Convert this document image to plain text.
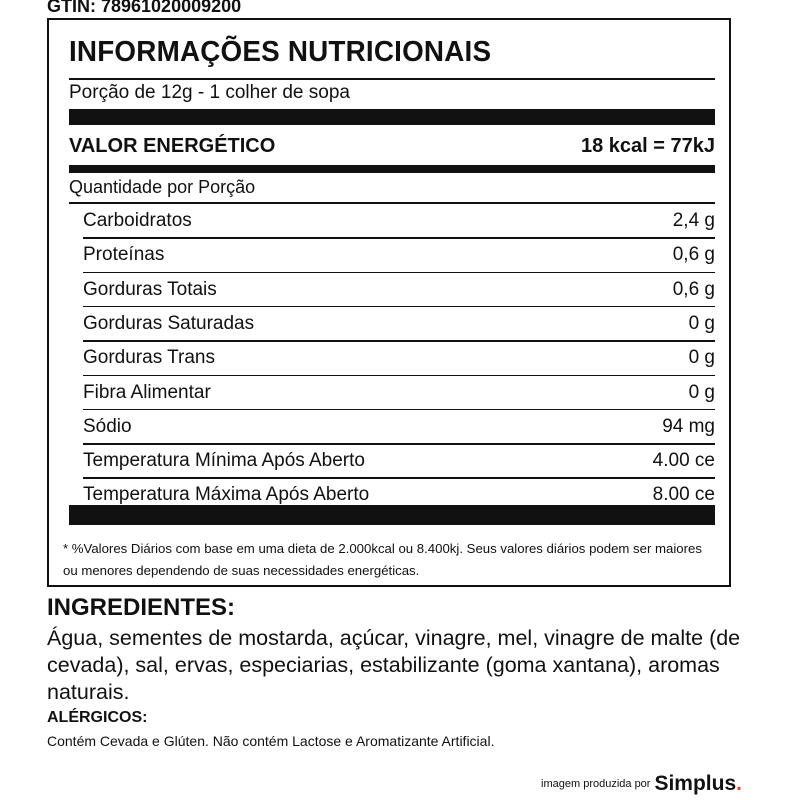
GTIN: 78961020009200
INFORMAÇÕES NUTRICIONAIS
Porção de 12g - 1 colher de sopa
VALOR ENERGÉTICO	18 kcal = 77kJ
Quantidade por Porção
Carboidratos	2,4 g
Proteínas	0,6 g
Gorduras Totais	0,6 g
Gorduras Saturadas	0 g
Gorduras Trans	0 g
Fibra Alimentar	0 g
Sódio	94 mg
Temperatura Mínima Após Aberto	4.00 ce
Temperatura Máxima Após Aberto	8.00 ce
* %Valores Diários com base em uma dieta de 2.000kcal ou 8.400kj. Seus valores diários podem ser maiores ou menores dependendo de suas necessidades energéticas.
INGREDIENTES:
Água, sementes de mostarda, açúcar, vinagre, mel, vinagre de malte (de cevada), sal, ervas, especiarias, estabilizante (goma xantana), aromas naturais.
ALÉRGICOS:
Contém Cevada e Glúten. Não contém Lactose e Aromatizante Artificial.
imagem produzida por Simplus.
